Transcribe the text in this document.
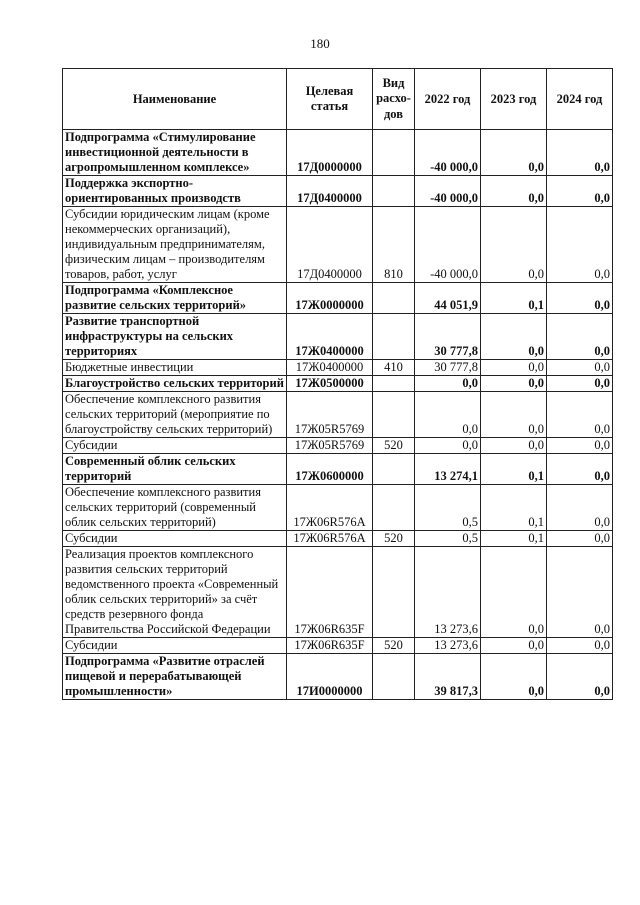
180
Наименование	Целевая статья	Вид расхо-дов	2022 год	2023 год	2024 год
Подпрограмма «Стимулирование инвестиционной деятельности в агропромышленном комплексе»	17Д0000000		-40 000,0	0,0	0,0
Поддержка экспортно-ориентированных производств	17Д0400000		-40 000,0	0,0	0,0
Субсидии юридическим лицам (кроме некоммерческих организаций), индивидуальным предпринимателям, физическим лицам – производителям товаров, работ, услуг	17Д0400000	810	-40 000,0	0,0	0,0
Подпрограмма «Комплексное развитие сельских территорий»	17Ж0000000		44 051,9	0,1	0,0
Развитие транспортной инфраструктуры на сельских территориях	17Ж0400000		30 777,8	0,0	0,0
Бюджетные инвестиции	17Ж0400000	410	30 777,8	0,0	0,0
Благоустройство сельских территорий	17Ж0500000		0,0	0,0	0,0
Обеспечение комплексного развития сельских территорий (мероприятие по благоустройству сельских территорий)	17Ж05R5769		0,0	0,0	0,0
Субсидии	17Ж05R5769	520	0,0	0,0	0,0
Современный облик сельских территорий	17Ж0600000		13 274,1	0,1	0,0
Обеспечение комплексного развития сельских территорий (современный облик сельских территорий)	17Ж06R576A		0,5	0,1	0,0
Субсидии	17Ж06R576A	520	0,5	0,1	0,0
Реализация проектов комплексного развития сельских территорий ведомственного проекта «Современный облик сельских территорий» за счёт средств резервного фонда Правительства Российской Федерации	17Ж06R635F		13 273,6	0,0	0,0
Субсидии	17Ж06R635F	520	13 273,6	0,0	0,0
Подпрограмма «Развитие отраслей пищевой и перерабатывающей промышленности»	17И0000000		39 817,3	0,0	0,0
